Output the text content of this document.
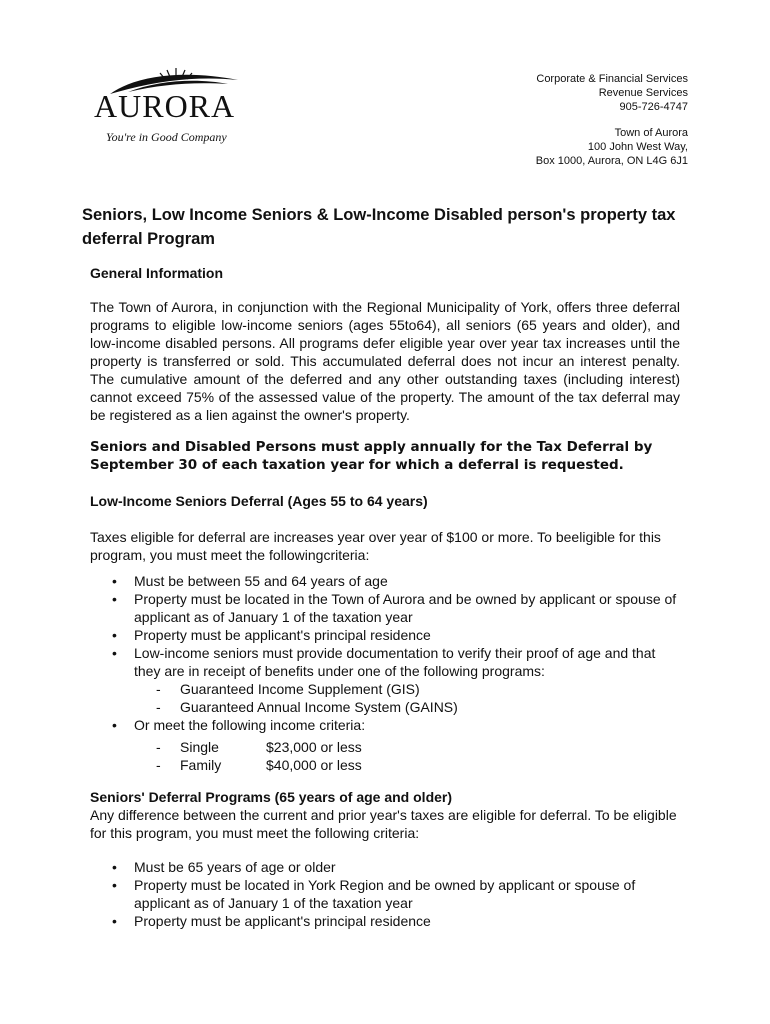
AURORA
You're in Good Company
Corporate & Financial Services
Revenue Services
905-726-4747
Town of Aurora
100 John West Way,
Box 1000, Aurora, ON L4G 6J1
Seniors, Low Income Seniors & Low-Income Disabled person's property tax deferral Program

General Information

The Town of Aurora, in conjunction with the Regional Municipality of York, offers three deferral programs to eligible low-income seniors (ages 55to64), all seniors (65 years and older), and low-income disabled persons. All programs defer eligible year over year tax increases until the property is transferred or sold. This accumulated deferral does not incur an interest penalty. The cumulative amount of the deferred and any other outstanding taxes (including interest) cannot exceed 75% of the assessed value of the property. The amount of the tax deferral may be registered as a lien against the owner's property.

Seniors and Disabled Persons must apply annually for the Tax Deferral by September 30 of each taxation year for which a deferral is requested.

Low-Income Seniors Deferral (Ages 55 to 64 years)

Taxes eligible for deferral are increases year over year of $100 or more. To beeligible for this program, you must meet the followingcriteria:
• Must be between 55 and 64 years of age
• Property must be located in the Town of Aurora and be owned by applicant or spouse of applicant as of January 1 of the taxation year
• Property must be applicant's principal residence
• Low-income seniors must provide documentation to verify their proof of age and that they are in receipt of benefits under one of the following programs:
- Guaranteed Income Supplement (GIS)
- Guaranteed Annual Income System (GAINS)
• Or meet the following income criteria:
- Single	$23,000 or less
- Family	$40,000 or less

Seniors' Deferral Programs (65 years of age and older)

Any difference between the current and prior year's taxes are eligible for deferral. To be eligible for this program, you must meet the following criteria:
• Must be 65 years of age or older
• Property must be located in York Region and be owned by applicant or spouse of applicant as of January 1 of the taxation year
• Property must be applicant's principal residence
